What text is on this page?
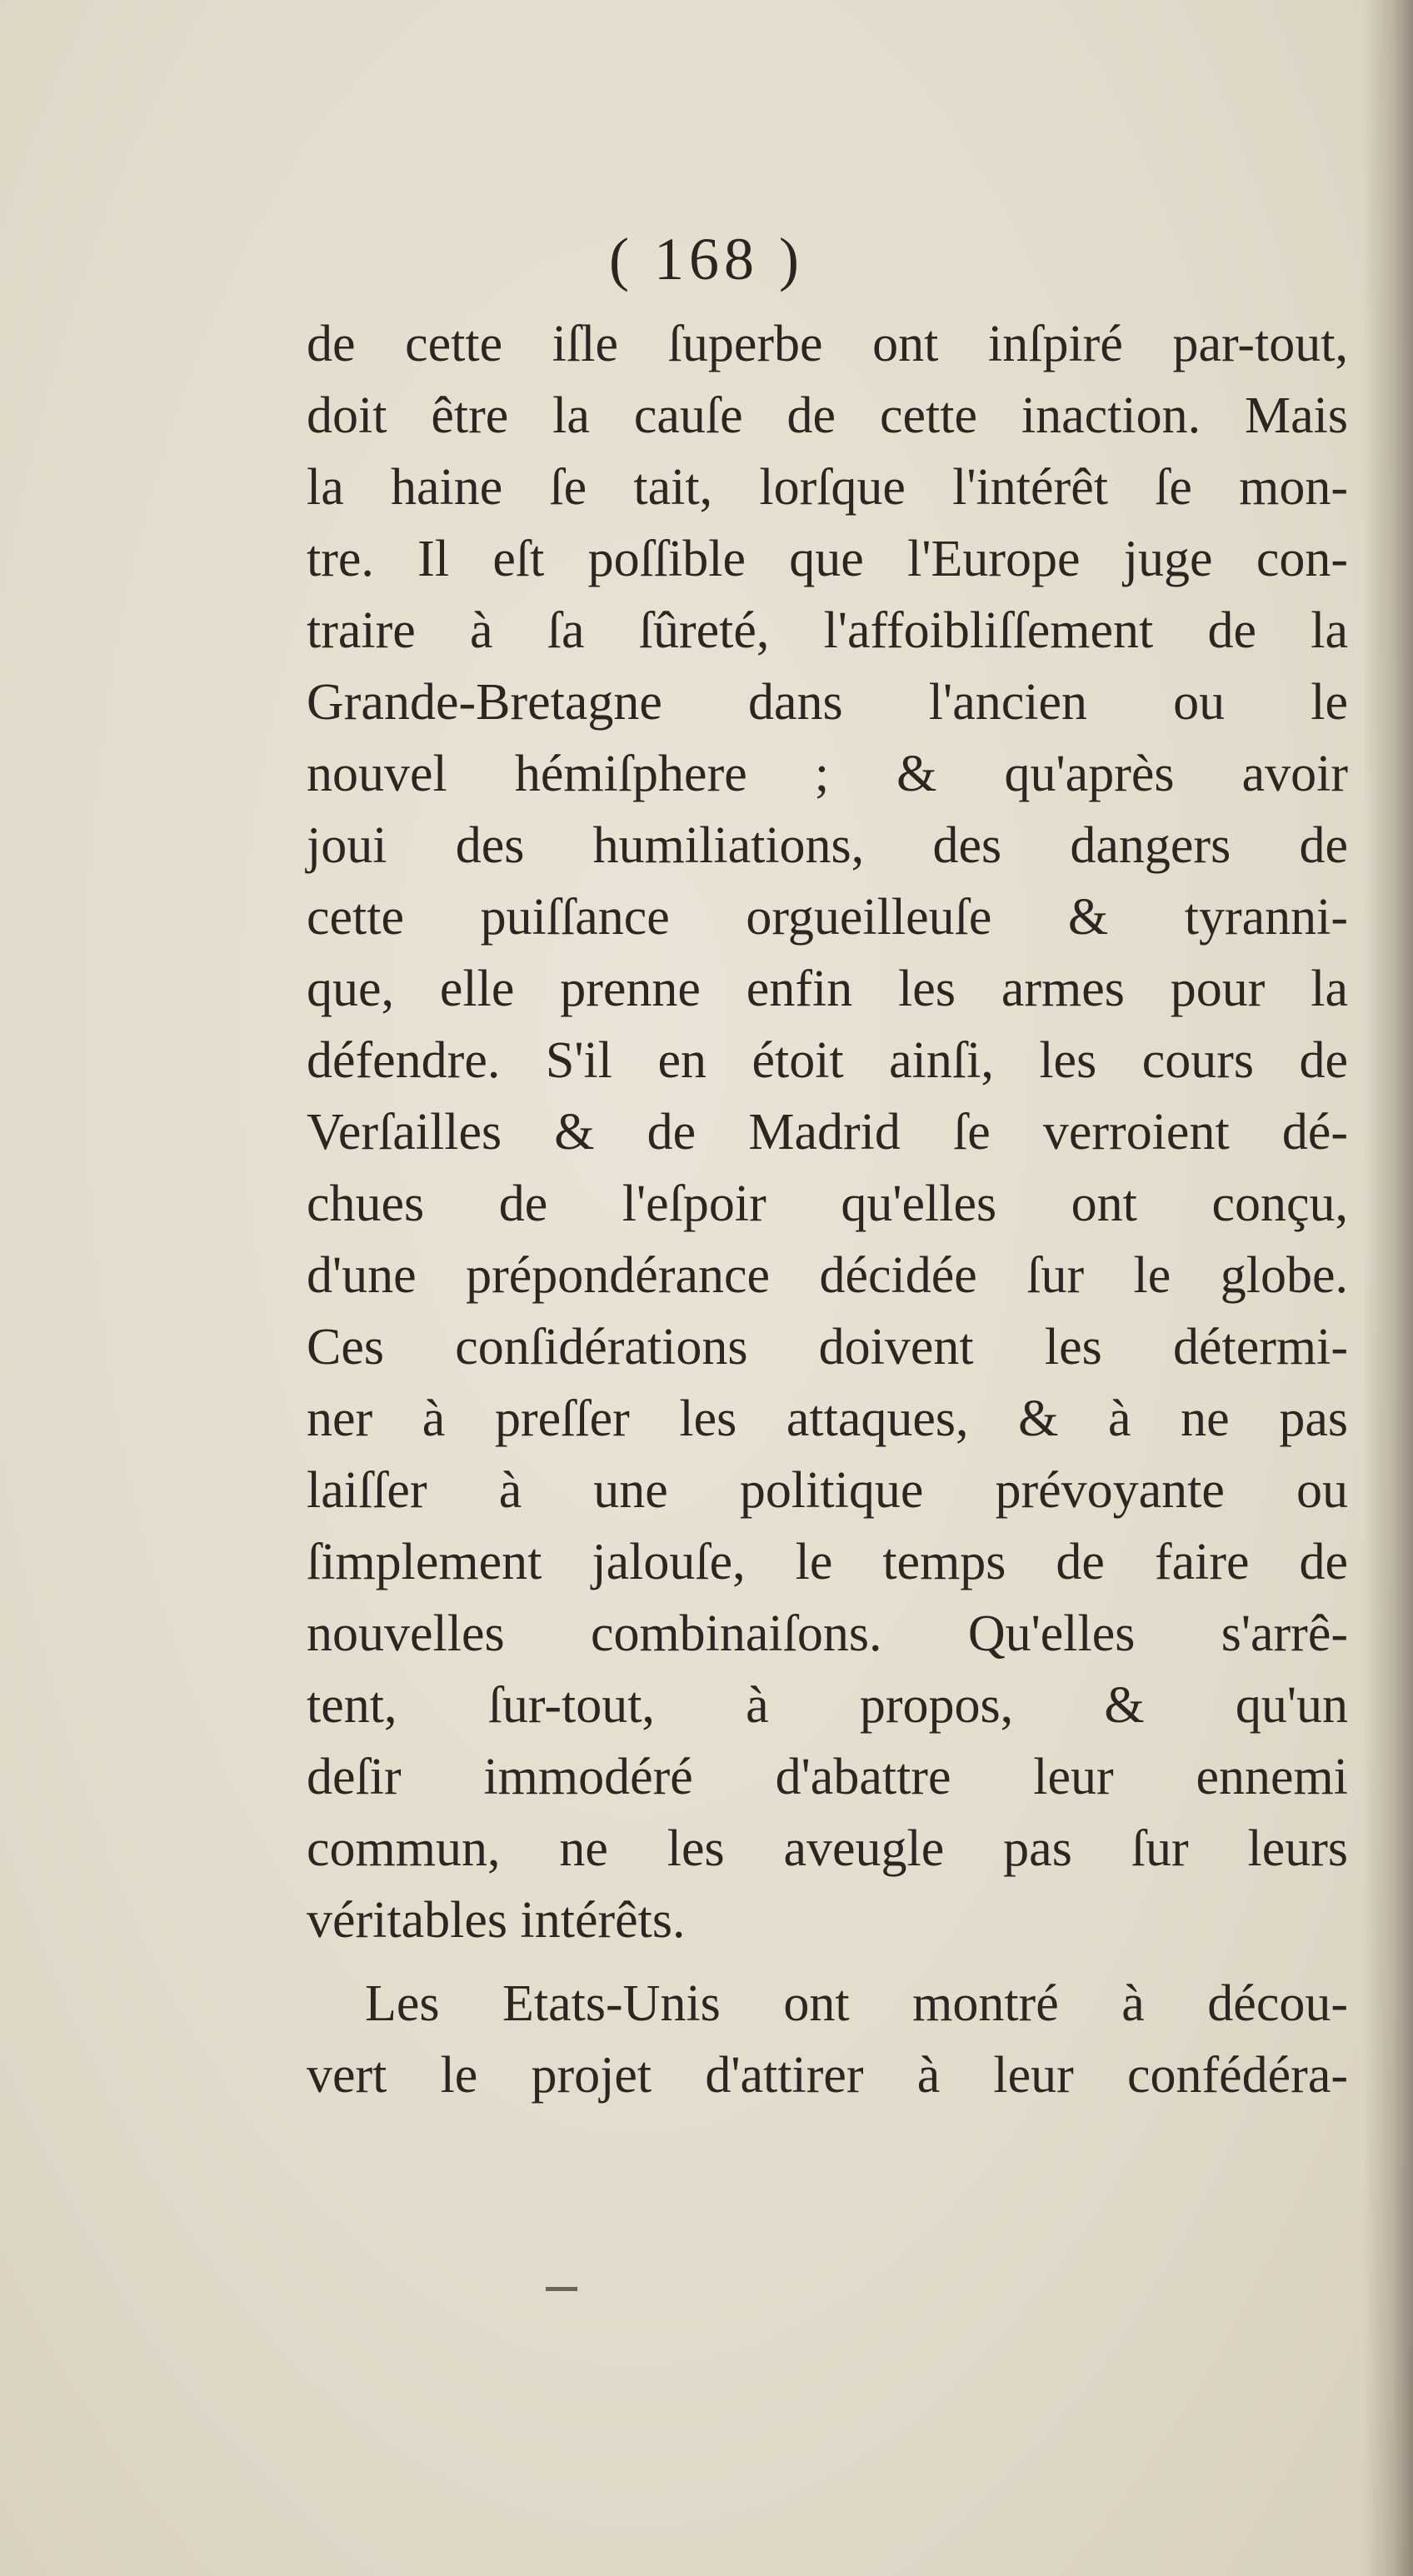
( 168 )
de cette iſle ſuperbe ont inſpiré par-tout,
doit être la cauſe de cette inaction. Mais
la haine ſe tait, lorſque l'intérêt ſe mon-
tre. Il eſt poſſible que l'Europe juge con-
traire à ſa ſûreté, l'affoibliſſement de la
Grande-Bretagne dans l'ancien ou le
nouvel hémiſphere ; & qu'après avoir
joui des humiliations, des dangers de
cette puiſſance orgueilleuſe & tyranni-
que, elle prenne enfin les armes pour la
défendre. S'il en étoit ainſi, les cours de
Verſailles & de Madrid ſe verroient dé-
chues de l'eſpoir qu'elles ont conçu,
d'une prépondérance décidée ſur le globe.
Ces conſidérations doivent les détermi-
ner à preſſer les attaques, & à ne pas
laiſſer à une politique prévoyante ou
ſimplement jalouſe, le temps de faire de
nouvelles combinaiſons. Qu'elles s'arrê-
tent, ſur-tout, à propos, & qu'un
deſir immodéré d'abattre leur ennemi
commun, ne les aveugle pas ſur leurs
véritables intérêts.
Les Etats-Unis ont montré à décou-
vert le projet d'attirer à leur confédéra-
